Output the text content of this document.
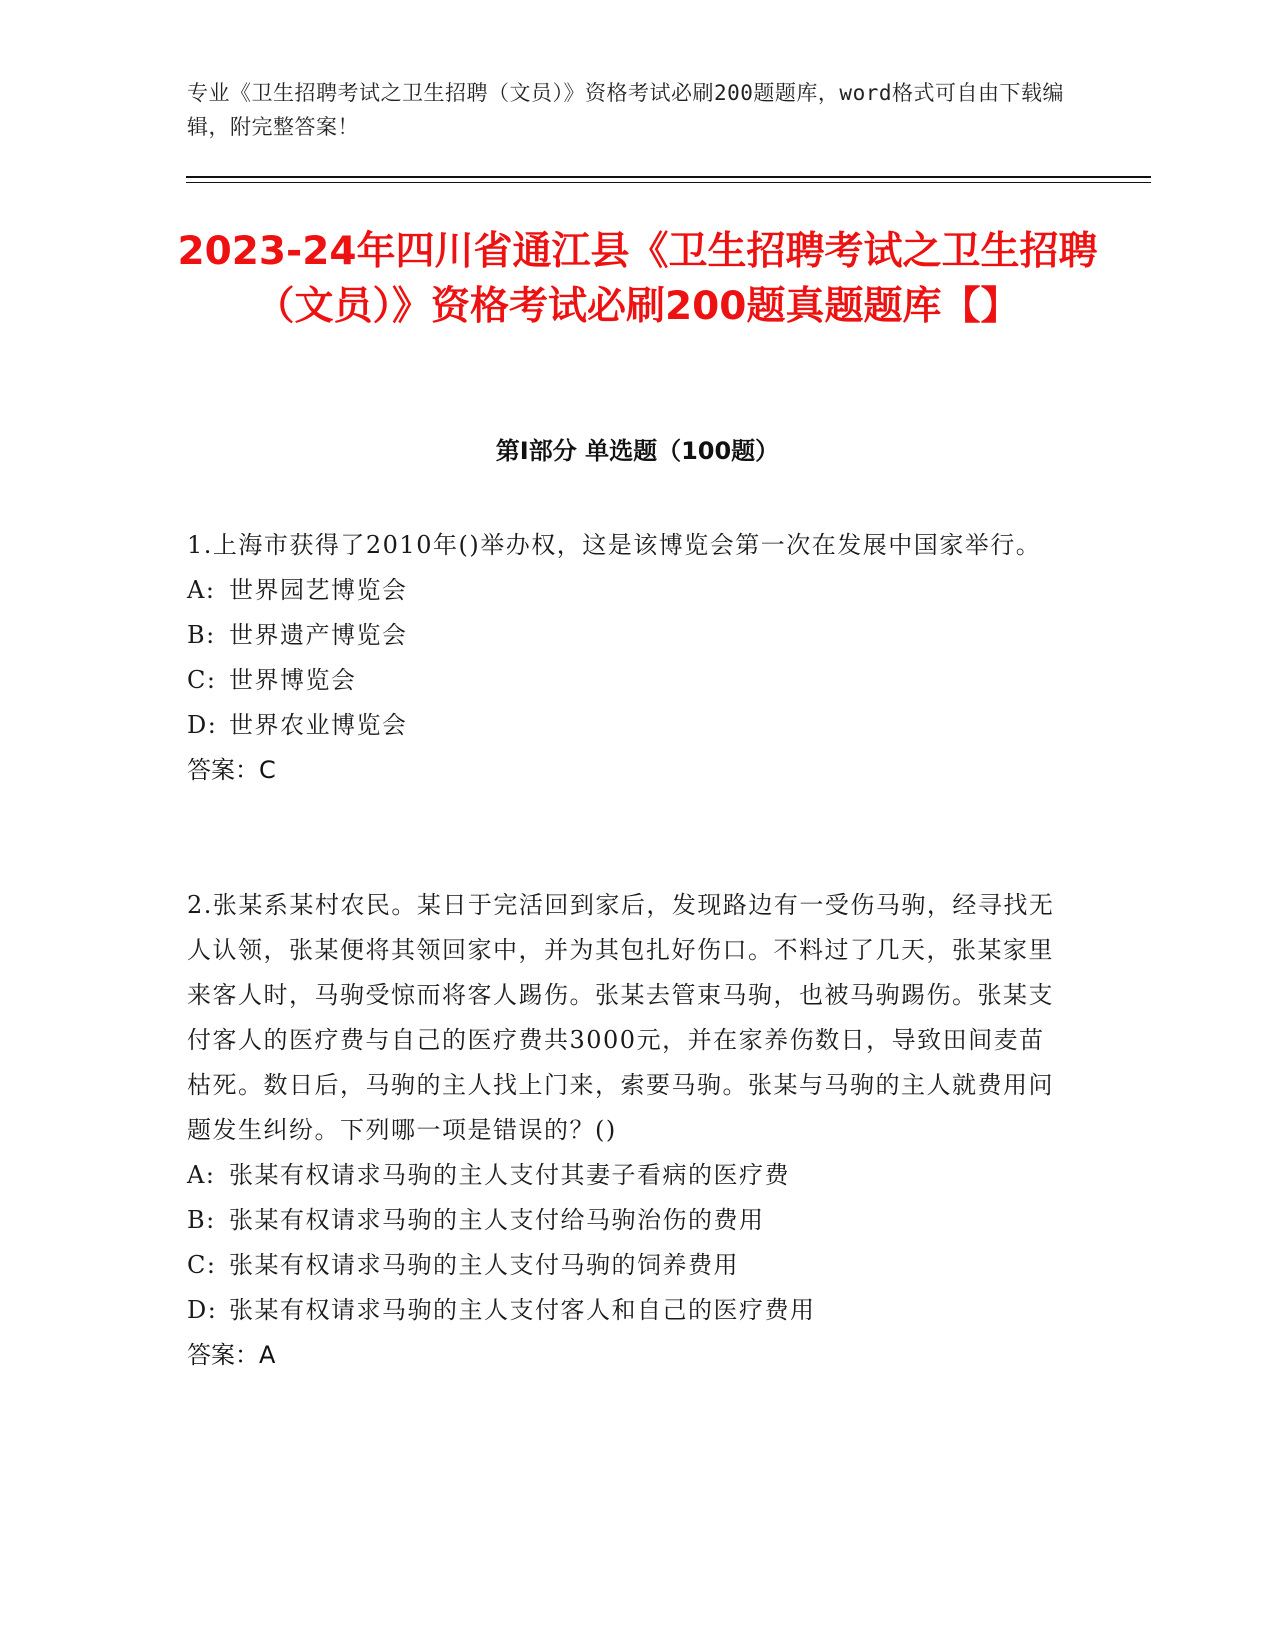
专业《卫生招聘考试之卫生招聘（文员）》资格考试必刷200题题库，word格式可自由下载编辑，附完整答案！
2023-24年四川省通江县《卫生招聘考试之卫生招聘（文员）》资格考试必刷200题真题题库【】
第Ⅰ部分 单选题（100题）

1.上海市获得了2010年()举办权，这是该博览会第一次在发展中国家举行。

A: 世界园艺博览会

B: 世界遗产博览会

C: 世界博览会

D: 世界农业博览会

答案：C

2.张某系某村农民。某日于完活回到家后，发现路边有一受伤马驹，经寻找无人认领，张某便将其领回家中，并为其包扎好伤口。不料过了几天，张某家里来客人时，马驹受惊而将客人踢伤。张某去管束马驹，也被马驹踢伤。张某支付客人的医疗费与自己的医疗费共3000元，并在家养伤数日，导致田间麦苗枯死。数日后，马驹的主人找上门来，索要马驹。张某与马驹的主人就费用问题发生纠纷。下列哪一项是错误的？()

A: 张某有权请求马驹的主人支付其妻子看病的医疗费

B: 张某有权请求马驹的主人支付给马驹治伤的费用

C: 张某有权请求马驹的主人支付马驹的饲养费用

D: 张某有权请求马驹的主人支付客人和自己的医疗费用

答案：A
